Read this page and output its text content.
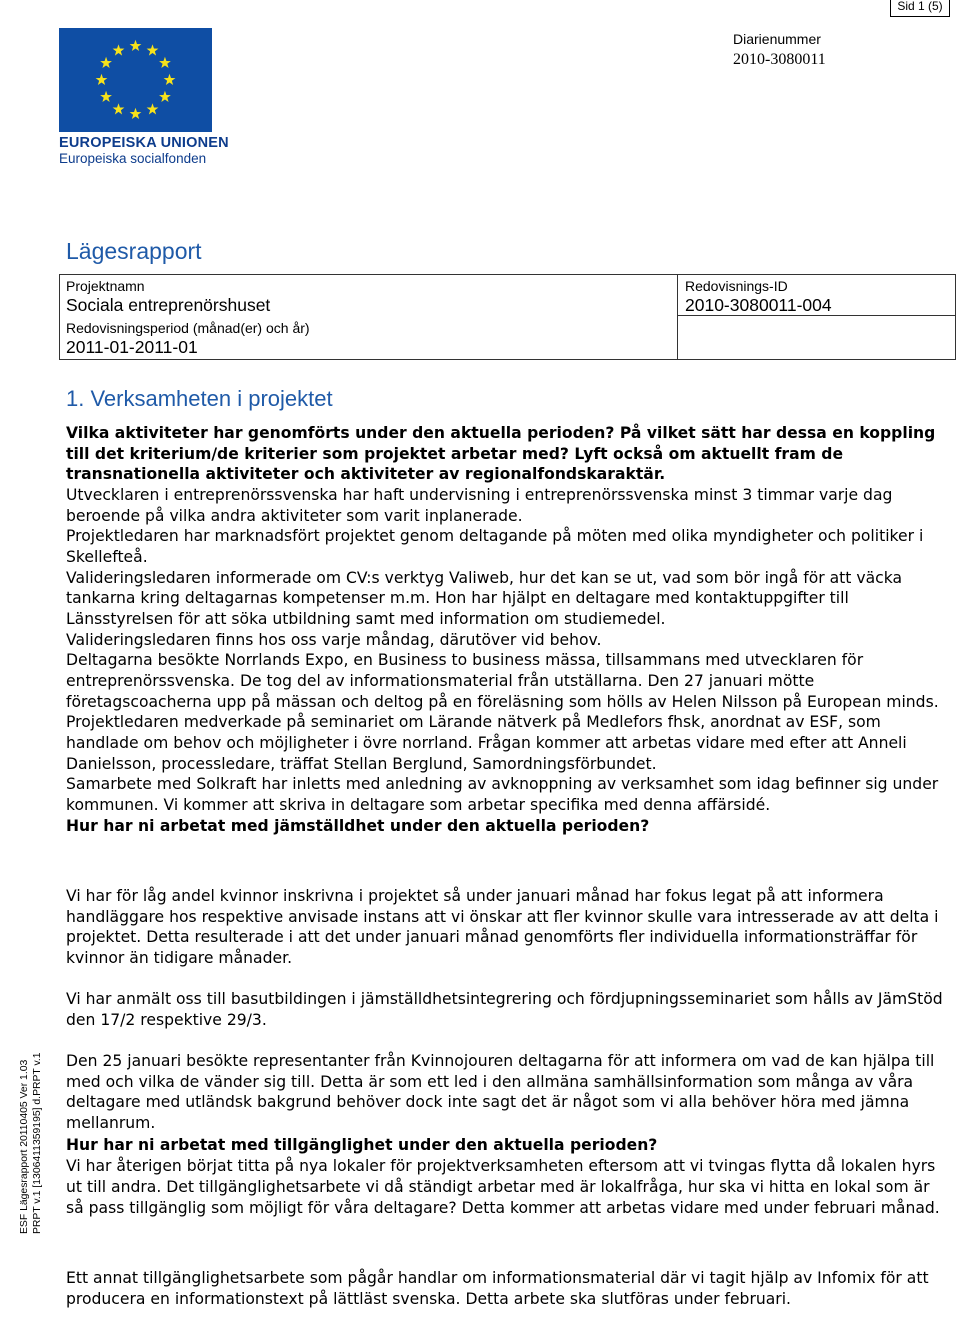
Sid 1 (5)
EUROPEISKA UNIONEN
Europeiska socialfonden
Diarienummer
2010-3080011
Lägesrapport
Projektnamn
Sociala entreprenörshuset
Redovisningsperiod (månad(er) och år)
2011-01-2011-01
Redovisnings-ID
2010-3080011-004
1. Verksamheten i projektet

Vilka aktiviteter har genomförts under den aktuella perioden? På vilket sätt har dessa en koppling till det kriterium/de kriterier som projektet arbetar med? Lyft också om aktuellt fram de transnationella aktiviteter och aktiviteter av regionalfondskaraktär.

Utvecklaren i entreprenörssvenska har haft undervisning i entreprenörssvenska minst 3 timmar varje dag beroende på vilka andra aktiviteter som varit inplanerade.

Projektledaren har marknadsfört projektet genom deltagande på möten med olika myndigheter och politiker i Skellefteå.

Valideringsledaren informerade om CV:s verktyg Valiweb, hur det kan se ut, vad som bör ingå för att väcka tankarna kring deltagarnas kompetenser m.m. Hon har hjälpt en deltagare med kontaktuppgifter till Länsstyrelsen för att söka utbildning samt med information om studiemedel.

Valideringsledaren finns hos oss varje måndag, därutöver vid behov.

Deltagarna besökte Norrlands Expo, en Business to business mässa, tillsammans med utvecklaren för entreprenörssvenska. De tog del av informationsmaterial från utställarna. Den 27 januari mötte företagscoacherna upp på mässan och deltog på en föreläsning som hölls av Helen Nilsson på European minds.

Projektledaren medverkade på seminariet om Lärande nätverk på Medlefors fhsk, anordnat av ESF, som handlade om behov och möjligheter i övre norrland. Frågan kommer att arbetas vidare med efter att Anneli Danielsson, processledare, träffat Stellan Berglund, Samordningsförbundet.

Samarbete med Solkraft har inletts med anledning av avknoppning av verksamhet som idag befinner sig under kommunen. Vi kommer att skriva in deltagare som arbetar specifika med denna affärsidé.

Hur har ni arbetat med jämställdhet under den aktuella perioden?

Vi har för låg andel kvinnor inskrivna i projektet så under januari månad har fokus legat på att informera handläggare hos respektive anvisade instans att vi önskar att fler kvinnor skulle vara intresserade av att delta i projektet. Detta resulterade i att det under januari månad genomförts fler individuella informationsträffar för kvinnor än tidigare månader.

Vi har anmält oss till basutbildingen i jämställdhetsintegrering och fördjupningsseminariet som hålls av JämStöd den 17/2 respektive 29/3.

Den 25 januari besökte representanter från Kvinnojouren deltagarna för att informera om vad de kan hjälpa till med och vilka de vänder sig till. Detta är som ett led i den allmäna samhällsinformation som många av våra deltagare med utländsk bakgrund behöver dock inte sagt det är något som vi alla behöver höra med jämna mellanrum.

Hur har ni arbetat med tillgänglighet under den aktuella perioden?

Vi har återigen börjat titta på nya lokaler för projektverksamheten eftersom att vi tvingas flytta då lokalen hyrs ut till andra. Det tillgänglighetsarbete vi då ständigt arbetar med är lokalfråga, hur ska vi hitta en lokal som är så pass tillgänglig som möjligt för våra deltagare? Detta kommer att arbetas vidare med under februari månad.

Ett annat tillgänglighetsarbete som pågår handlar om informationsmaterial där vi tagit hjälp av Infomix för att producera en informationstext på lättläst svenska. Detta arbete ska slutföras under februari.

ESF Lägesrapport 20110405 Ver 1.03 PRPT v.1 [1306411359195] d.PRPT v.1
